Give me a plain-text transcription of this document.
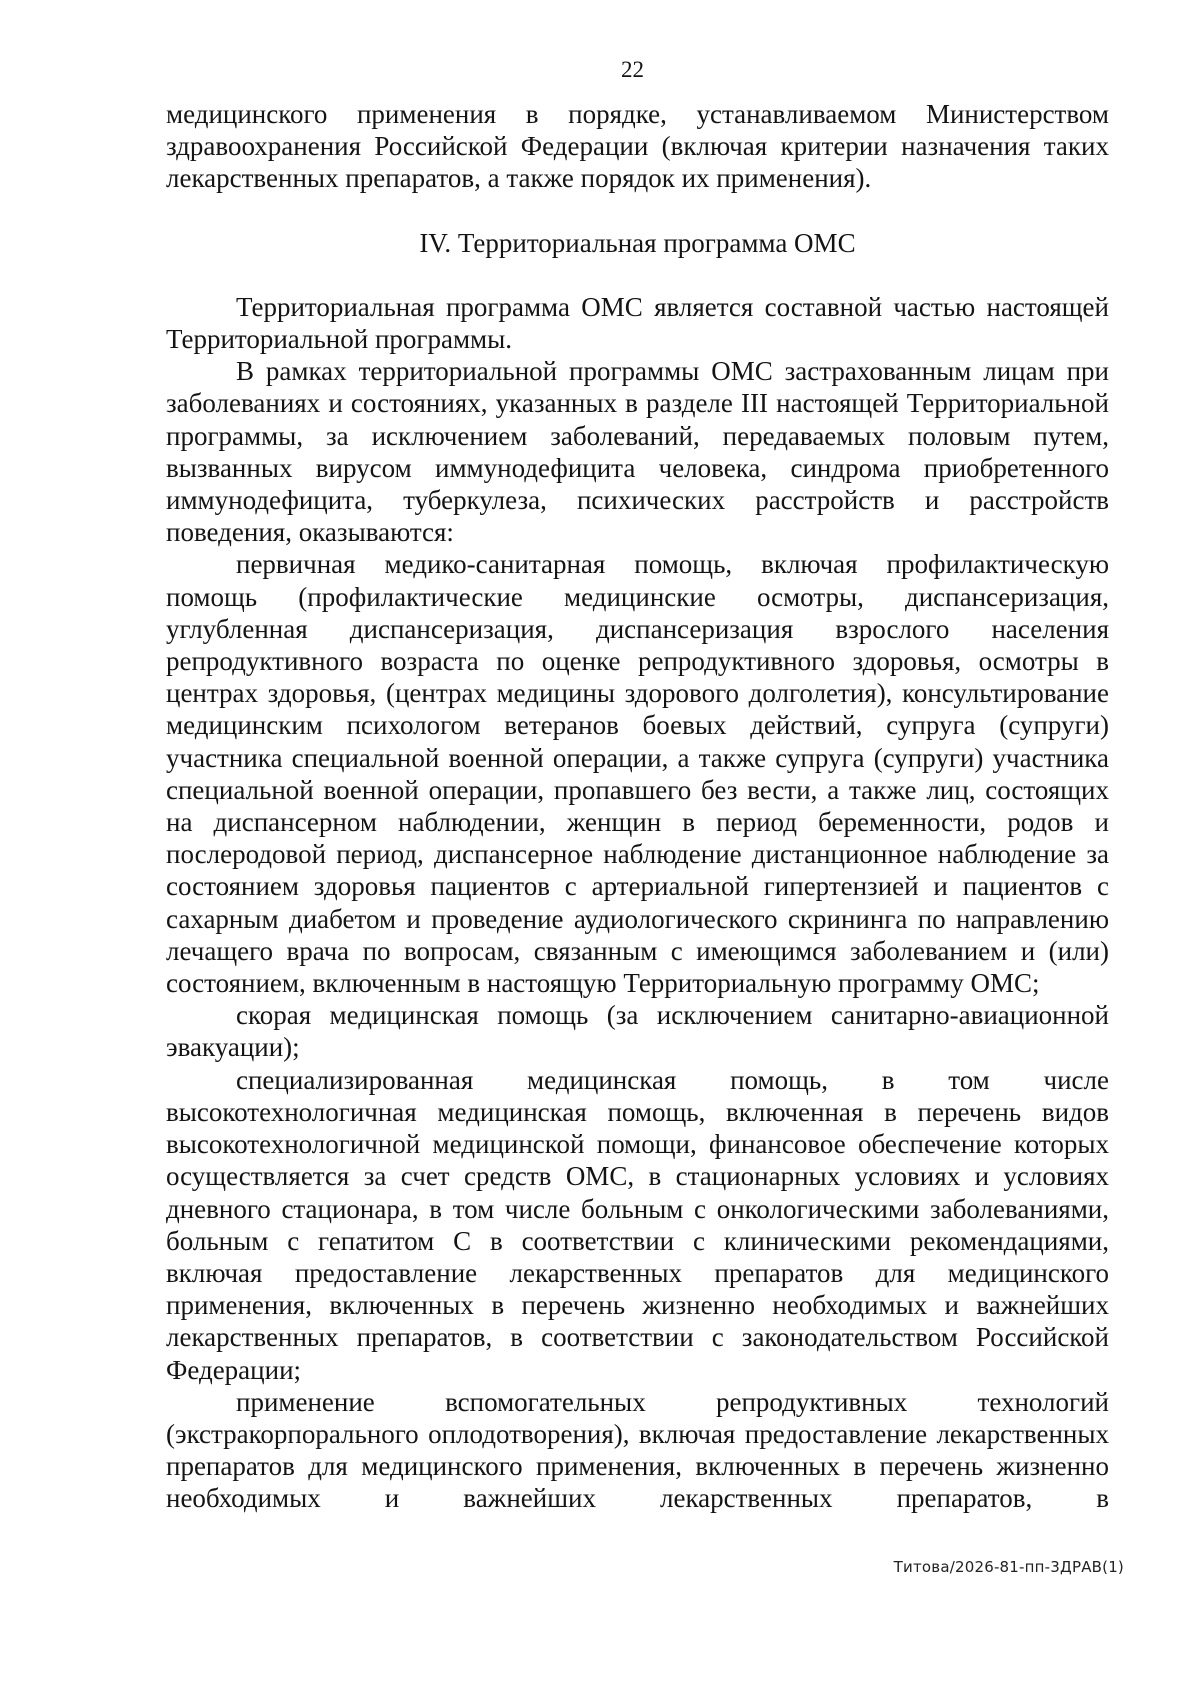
22

медицинского применения в порядке, устанавливаемом Министерством здравоохранения Российской Федерации (включая критерии назначения таких лекарственных препаратов, а также порядок их применения).

IV. Территориальная программа ОМС

Территориальная программа ОМС является составной частью настоящей Территориальной программы.

В рамках территориальной программы ОМС застрахованным лицам при заболеваниях и состояниях, указанных в разделе III настоящей Территориальной программы, за исключением заболеваний, передаваемых половым путем, вызванных вирусом иммунодефицита человека, синдрома приобретенного иммунодефицита, туберкулеза, психических расстройств и расстройств поведения, оказываются:

первичная медико-санитарная помощь, включая профилактическую помощь (профилактические медицинские осмотры, диспансеризация, углубленная диспансеризация, диспансеризация взрослого населения репродуктивного возраста по оценке репродуктивного здоровья, осмотры в центрах здоровья, (центрах медицины здорового долголетия), консультирование медицинским психологом ветеранов боевых действий, супруга (супруги) участника специальной военной операции, а также супруга (супруги) участника специальной военной операции, пропавшего без вести, а также лиц, состоящих на диспансерном наблюдении, женщин в период беременности, родов и послеродовой период, диспансерное наблюдение дистанционное наблюдение за состоянием здоровья пациентов с артериальной гипертензией и пациентов с сахарным диабетом и проведение аудиологического скрининга по направлению лечащего врача по вопросам, связанным с имеющимся заболеванием и (или) состоянием, включенным в настоящую Территориальную программу ОМС;

скорая медицинская помощь (за исключением санитарно-авиационной эвакуации);

специализированная медицинская помощь, в том числе высокотехнологичная медицинская помощь, включенная в перечень видов высокотехнологичной медицинской помощи, финансовое обеспечение которых осуществляется за счет средств ОМС, в стационарных условиях и условиях дневного стационара, в том числе больным с онкологическими заболеваниями, больным с гепатитом С в соответствии с клиническими рекомендациями, включая предоставление лекарственных препаратов для медицинского применения, включенных в перечень жизненно необходимых и важнейших лекарственных препаратов, в соответствии с законодательством Российской Федерации;

применение вспомогательных репродуктивных технологий (экстракорпорального оплодотворения), включая предоставление лекарственных препаратов для медицинского применения, включенных в перечень жизненно необходимых и важнейших лекарственных препаратов, в

Титова/2026-81-пп-3ДРАВ(1)
